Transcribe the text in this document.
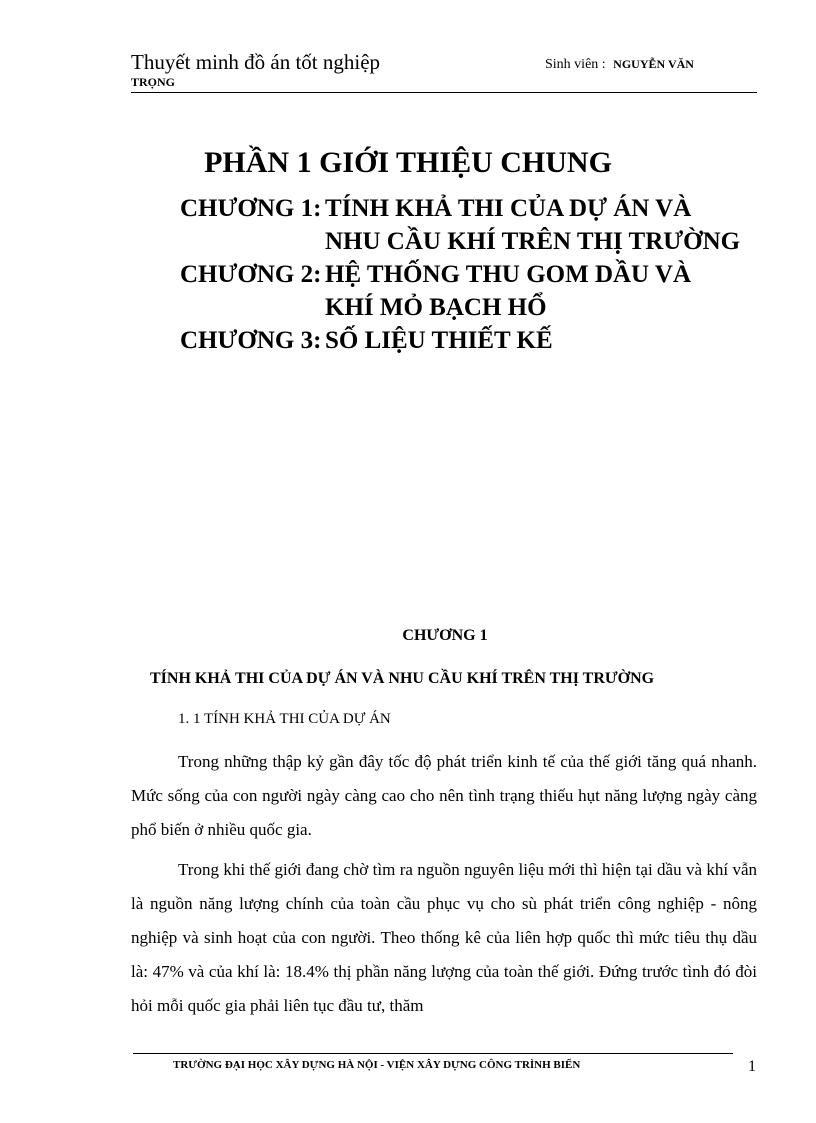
Thuyết minh đồ án tốt nghiệp
TRỌNG
Sinh viên : NGUYỄN VĂN
PHẦN 1 GIỚI THIỆU CHUNG
CHƯƠNG 1: TÍNH KHẢ THI CỦA DỰ ÁN VÀ NHU CẦU KHÍ TRÊN THỊ TRƯỜNG
CHƯƠNG 2: HỆ THỐNG THU GOM DẦU VÀ KHÍ MỎ BẠCH HỔ
CHƯƠNG 3: SỐ LIỆU THIẾT KẾ
CHƯƠNG 1
TÍNH KHẢ THI CỦA DỰ ÁN VÀ NHU CẦU KHÍ TRÊN THỊ TRƯỜNG
1. 1 TÍNH KHẢ THI CỦA DỰ ÁN

Trong những thập kỷ gần đây tốc độ phát triển kinh tế của thế giới tăng quá nhanh. Mức sống của con người ngày càng cao cho nên tình trạng thiếu hụt năng lượng ngày càng phổ biến ở nhiều quốc gia.

Trong khi thế giới đang chờ tìm ra nguồn nguyên liệu mới thì hiện tại dầu và khí vẫn là nguồn năng lượng chính của toàn cầu phục vụ cho sù phát triển công nghiệp - nông nghiệp và sinh hoạt của con người. Theo thống kê của liên hợp quốc thì mức tiêu thụ dầu là: 47% và của khí là: 18.4% thị phần năng lượng của toàn thế giới. Đứng trước tình đó đòi hỏi mỗi quốc gia phải liên tục đầu tư, thăm

TRƯỜNG ĐẠI HỌC XÂY DỰNG HÀ NỘI - VIỆN XÂY DỰNG CÔNG TRÌNH BIỂN	1
